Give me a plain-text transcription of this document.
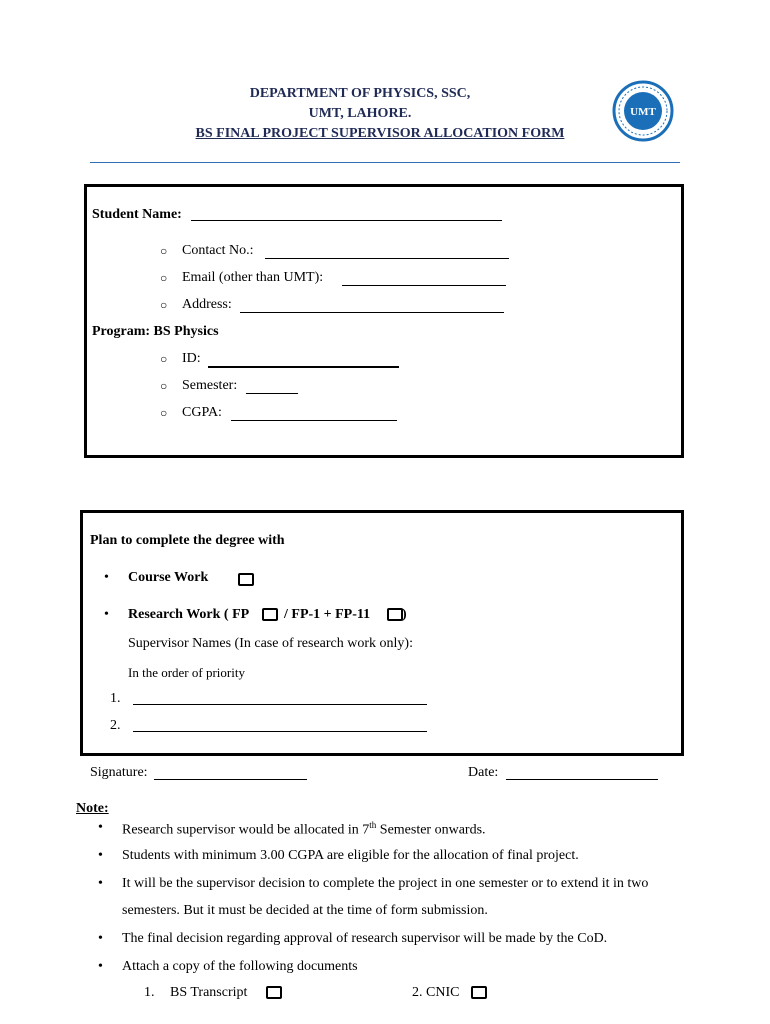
DEPARTMENT OF PHYSICS, SSC,
UMT, LAHORE.
BS FINAL PROJECT SUPERVISOR ALLOCATION FORM
UMT
Student Name:
○ Contact No.:
○ Email (other than UMT):
○ Address:
Program: BS Physics
○ ID:
○ Semester:
○ CGPA:
Plan to complete the degree with
• Course Work
• Research Work ( FP / FP-1 + FP-11 )
Supervisor Names (In case of research work only):
In the order of priority
1.
2.
Signature:	Date:
Note:
• Research supervisor would be allocated in 7th Semester onwards.
• Students with minimum 3.00 CGPA are eligible for the allocation of final project.
• It will be the supervisor decision to complete the project in one semester or to extend it in two
semesters. But it must be decided at the time of form submission.
• The final decision regarding approval of research supervisor will be made by the CoD.
• Attach a copy of the following documents
1. BS Transcript	2. CNIC
